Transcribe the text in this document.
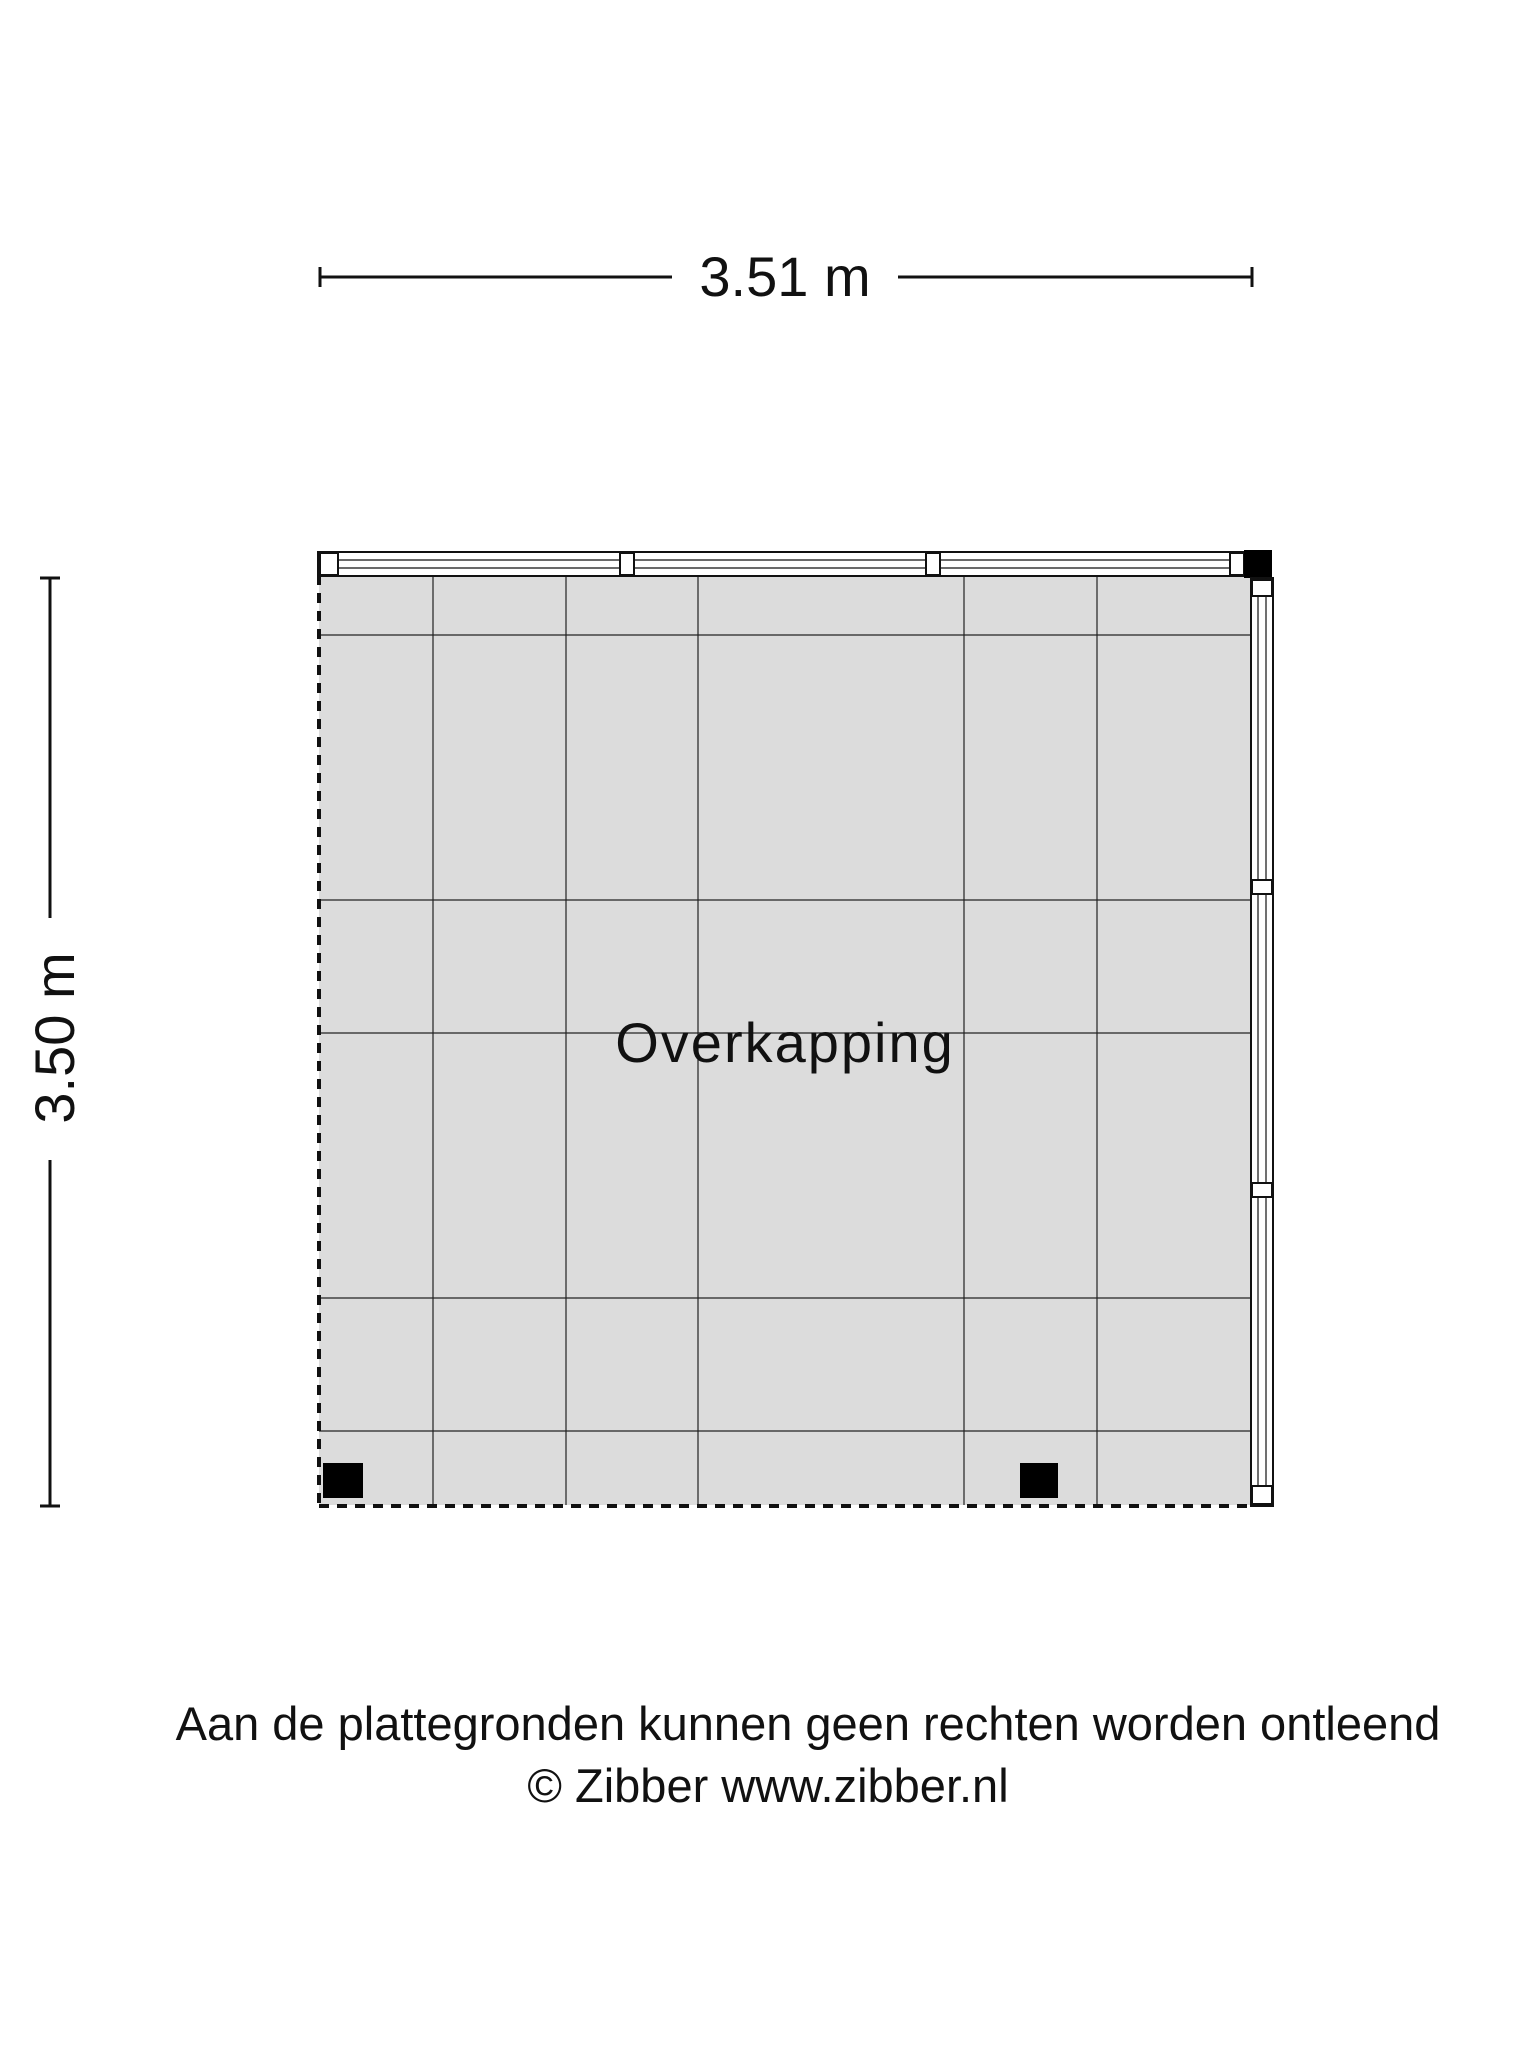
3.51 m
3.50 m	Overkapping
Aan de plattegronden kunnen geen rechten worden ontleend
© Zibber www.zibber.nl
